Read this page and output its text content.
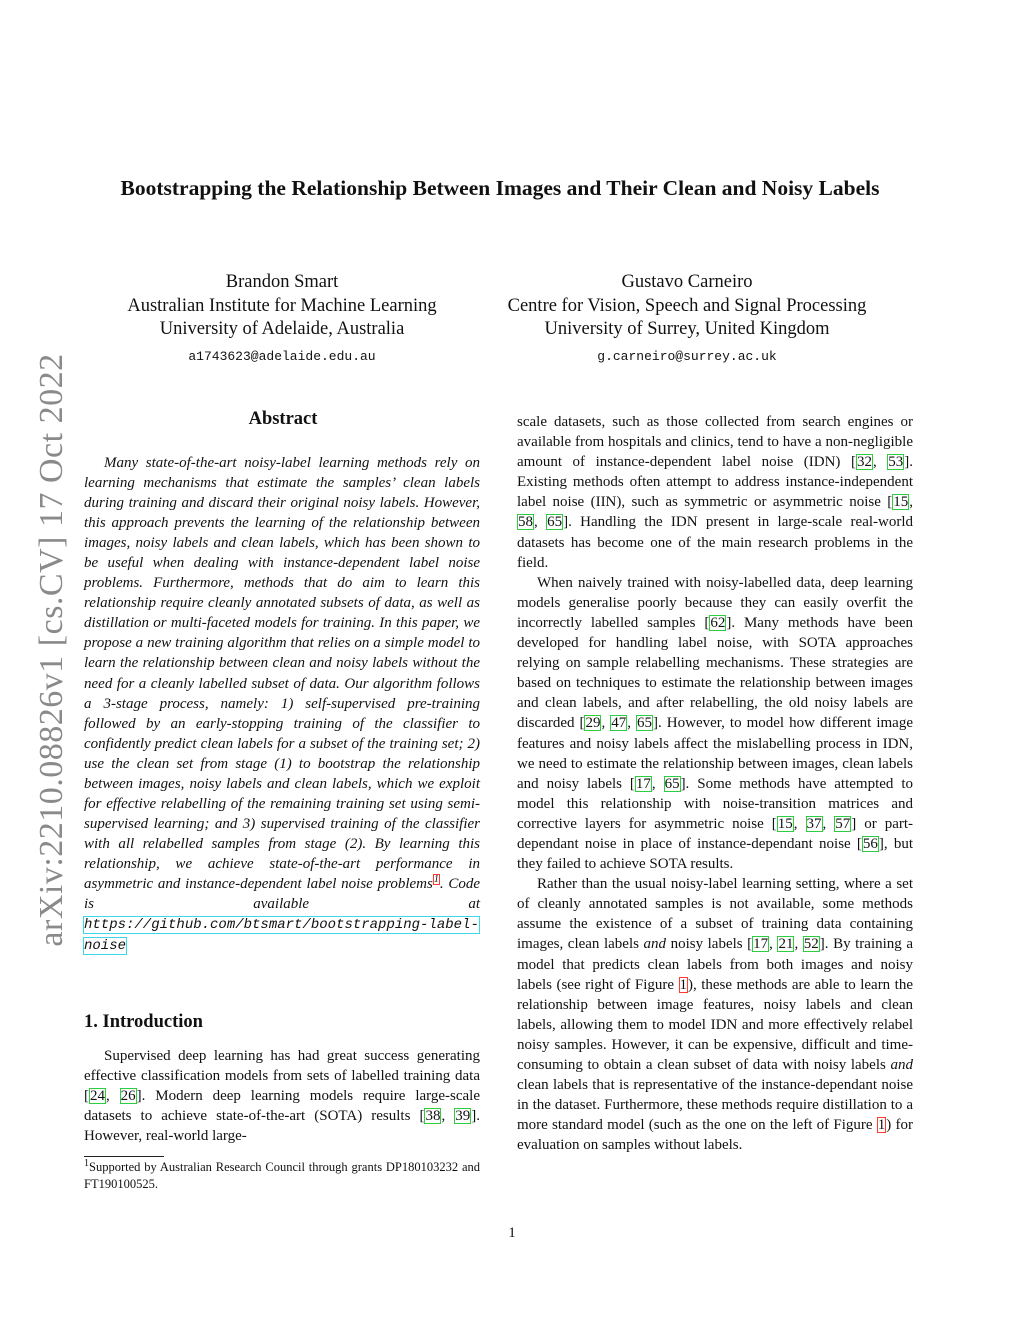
arXiv:2210.08826v1 [cs.CV] 17 Oct 2022
Bootstrapping the Relationship Between Images and Their Clean and Noisy Labels
Brandon Smart
Australian Institute for Machine Learning
University of Adelaide, Australia
a1743623@adelaide.edu.au
Gustavo Carneiro
Centre for Vision, Speech and Signal Processing
University of Surrey, United Kingdom
g.carneiro@surrey.ac.uk
Abstract
Many state-of-the-art noisy-label learning methods rely on learning mechanisms that estimate the samples’ clean labels during training and discard their original noisy labels. However, this approach prevents the learning of the relationship between images, noisy labels and clean labels, which has been shown to be useful when dealing with instance-dependent label noise problems. Furthermore, methods that do aim to learn this relationship require cleanly annotated subsets of data, as well as distillation or multi-faceted models for training. In this paper, we propose a new training algorithm that relies on a simple model to learn the relationship between clean and noisy labels without the need for a cleanly labelled subset of data. Our algorithm follows a 3-stage process, namely: 1) self-supervised pre-training followed by an early-stopping training of the classifier to confidently predict clean labels for a subset of the training set; 2) use the clean set from stage (1) to bootstrap the relationship between images, noisy labels and clean labels, which we exploit for effective relabelling of the remaining training set using semi-supervised learning; and 3) supervised training of the classifier with all relabelled samples from stage (2). By learning this relationship, we achieve state-of-the-art performance in asymmetric and instance-dependent label noise problems$^1$. Code is available at https://github.com/btsmart/bootstrapping-label-noise
1. Introduction
Supervised deep learning has had great success generating effective classification models from sets of labelled training data [24, 26]. Modern deep learning models require large-scale datasets to achieve state-of-the-art (SOTA) results [38, 39]. However, real-world large-
$^1$Supported by Australian Research Council through grants DP180103232 and FT190100525.

scale datasets, such as those collected from search engines or available from hospitals and clinics, tend to have a non-negligible amount of instance-dependent label noise (IDN) [32, 53]. Existing methods often attempt to address instance-independent label noise (IIN), such as symmetric or asymmetric noise [15, 58, 65]. Handling the IDN present in large-scale real-world datasets has become one of the main research problems in the field.

When naively trained with noisy-labelled data, deep learning models generalise poorly because they can easily overfit the incorrectly labelled samples [62]. Many methods have been developed for handling label noise, with SOTA approaches relying on sample relabelling mechanisms. These strategies are based on techniques to estimate the relationship between images and clean labels, and after relabelling, the old noisy labels are discarded [29, 47, 65]. However, to model how different image features and noisy labels affect the mislabelling process in IDN, we need to estimate the relationship between images, clean labels and noisy labels [17, 65]. Some methods have attempted to model this relationship with noise-transition matrices and corrective layers for asymmetric noise [15, 37, 57] or part-dependant noise in place of instance-dependant noise [56], but they failed to achieve SOTA results.

Rather than the usual noisy-label learning setting, where a set of cleanly annotated samples is not available, some methods assume the existence of a subset of training data containing images, clean labels and noisy labels [17, 21, 52]. By training a model that predicts clean labels from both images and noisy labels (see right of Figure 1), these methods are able to learn the relationship between image features, noisy labels and clean labels, allowing them to model IDN and more effectively relabel noisy samples. However, it can be expensive, difficult and time-consuming to obtain a clean subset of data with noisy labels and clean labels that is representative of the instance-dependant noise in the dataset. Furthermore, these methods require distillation to a more standard model (such as the one on the left of Figure 1) for evaluation on samples without labels.

1
